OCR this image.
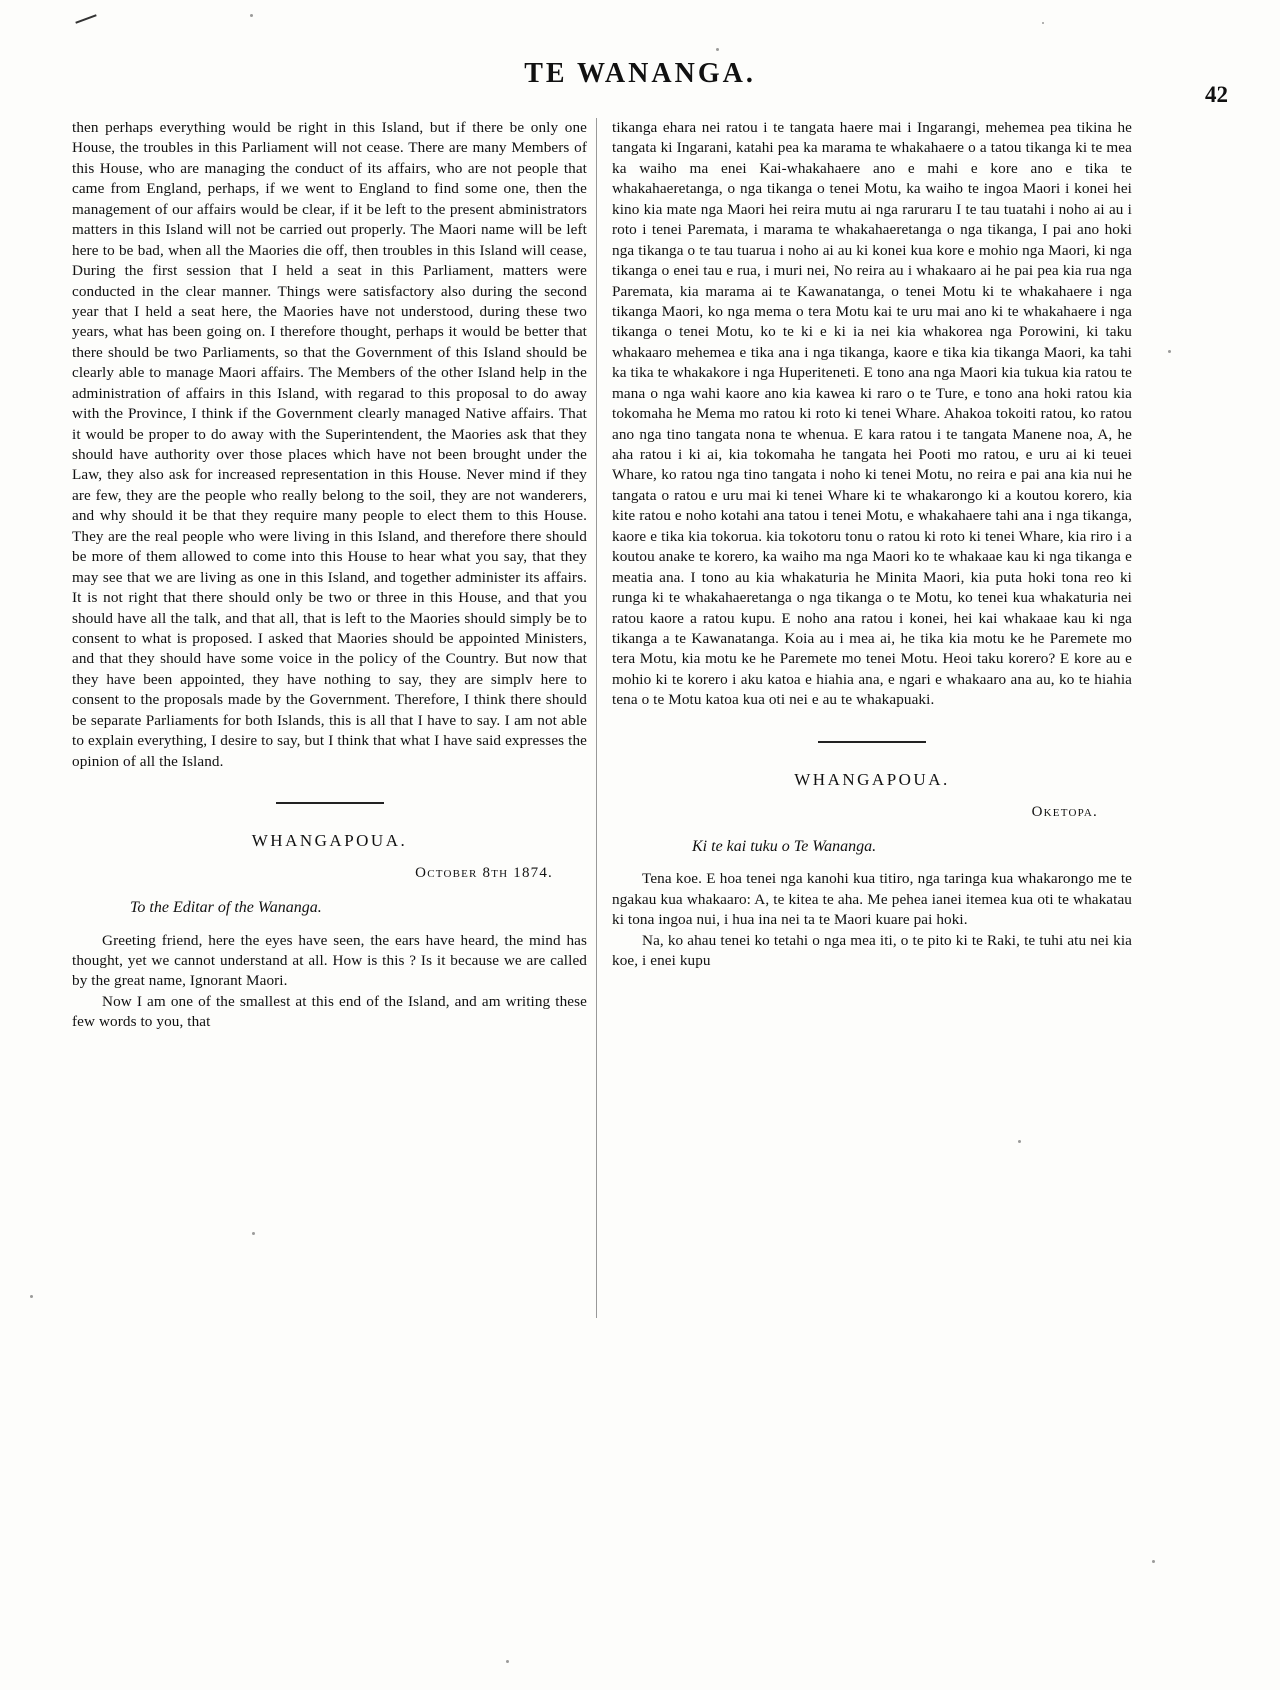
TE WANANGA.
42

then perhaps everything would be right in this Island, but if there be only one House, the troubles in this Parliament will not cease. There are many Members of this House, who are managing the conduct of its affairs, who are not people that came from England, perhaps, if we went to England to find some one, then the management of our affairs would be clear, if it be left to the present abministrators matters in this Island will not be carried out properly. The Maori name will be left here to be bad, when all the Maories die off, then troubles in this Island will cease, During the first session that I held a seat in this Parliament, matters were conducted in the clear manner. Things were satisfactory also during the second year that I held a seat here, the Maories have not understood, during these two years, what has been going on. I therefore thought, perhaps it would be better that there should be two Parliaments, so that the Government of this Island should be clearly able to manage Maori affairs. The Members of the other Island help in the administration of affairs in this Island, with regarad to this proposal to do away with the Province, I think if the Government clearly managed Native affairs. That it would be proper to do away with the Superintendent, the Maories ask that they should have authority over those places which have not been brought under the Law, they also ask for increased representation in this House. Never mind if they are few, they are the people who really belong to the soil, they are not wanderers, and why should it be that they require many people to elect them to this House. They are the real people who were living in this Island, and therefore there should be more of them allowed to come into this House to hear what you say, that they may see that we are living as one in this Island, and together administer its affairs. It is not right that there should only be two or three in this House, and that you should have all the talk, and that all, that is left to the Maories should simply be to consent to what is proposed. I asked that Maories should be appointed Ministers, and that they should have some voice in the policy of the Country. But now that they have been appointed, they have nothing to say, they are simplv here to consent to the proposals made by the Government. Therefore, I think there should be separate Parliaments for both Islands, this is all that I have to say. I am not able to explain everything, I desire to say, but I think that what I have said expresses the opinion of all the Island.

WHANGAPOUA.
October 8th 1874.
To the Editar of the Wananga.

Greeting friend, here the eyes have seen, the ears have heard, the mind has thought, yet we cannot understand at all. How is this ? Is it because we are called by the great name, Ignorant Maori.

Now I am one of the smallest at this end of the Island, and am writing these few words to you, that

tikanga ehara nei ratou i te tangata haere mai i Ingarangi, mehemea pea tikina he tangata ki Ingarani, katahi pea ka marama te whakahaere o a tatou tikanga ki te mea ka waiho ma enei Kai-whakahaere ano e mahi e kore ano e tika te whakahaeretanga, o nga tikanga o tenei Motu, ka waiho te ingoa Maori i konei hei kino kia mate nga Maori hei reira mutu ai nga raruraru I te tau tuatahi i noho ai au i roto i tenei Paremata, i marama te whakahaeretanga o nga tikanga, I pai ano hoki nga tikanga o te tau tuarua i noho ai au ki konei kua kore e mohio nga Maori, ki nga tikanga o enei tau e rua, i muri nei, No reira au i whakaaro ai he pai pea kia rua nga Paremata, kia marama ai te Kawanatanga, o tenei Motu ki te whakahaere i nga tikanga Maori, ko nga mema o tera Motu kai te uru mai ano ki te whakahaere i nga tikanga o tenei Motu, ko te ki e ki ia nei kia whakorea nga Porowini, ki taku whakaaro mehemea e tika ana i nga tikanga, kaore e tika kia tikanga Maori, ka tahi ka tika te whakakore i nga Huperiteneti. E tono ana nga Maori kia tukua kia ratou te mana o nga wahi kaore ano kia kawea ki raro o te Ture, e tono ana hoki ratou kia tokomaha he Mema mo ratou ki roto ki tenei Whare. Ahakoa tokoiti ratou, ko ratou ano nga tino tangata nona te whenua. E kara ratou i te tangata Manene noa, A, he aha ratou i ki ai, kia tokomaha he tangata hei Pooti mo ratou, e uru ai ki teuei Whare, ko ratou nga tino tangata i noho ki tenei Motu, no reira e pai ana kia nui he tangata o ratou e uru mai ki tenei Whare ki te whakarongo ki a koutou korero, kia kite ratou e noho kotahi ana tatou i tenei Motu, e whakahaere tahi ana i nga tikanga, kaore e tika kia tokorua. kia tokotoru tonu o ratou ki roto ki tenei Whare, kia riro i a koutou anake te korero, ka waiho ma nga Maori ko te whakaae kau ki nga tikanga e meatia ana. I tono au kia whakaturia he Minita Maori, kia puta hoki tona reo ki runga ki te whakahaeretanga o nga tikanga o te Motu, ko tenei kua whakaturia nei ratou kaore a ratou kupu. E noho ana ratou i konei, hei kai whakaae kau ki nga tikanga a te Kawanatanga. Koia au i mea ai, he tika kia motu ke he Paremete mo tera Motu, kia motu ke he Paremete mo tenei Motu. Heoi taku korero? E kore au e mohio ki te korero i aku katoa e hiahia ana, e ngari e whakaaro ana au, ko te hiahia tena o te Motu katoa kua oti nei e au te whakapuaki.

WHANGAPOUA.
Oketopa.
Ki te kai tuku o Te Wananga.

Tena koe. E hoa tenei nga kanohi kua titiro, nga taringa kua whakarongo me te ngakau kua whakaaro: A, te kitea te aha. Me pehea ianei itemea kua oti te whakatau ki tona ingoa nui, i hua ina nei ta te Maori kuare pai hoki.

Na, ko ahau tenei ko tetahi o nga mea iti, o te pito ki te Raki, te tuhi atu nei kia koe, i enei kupu
